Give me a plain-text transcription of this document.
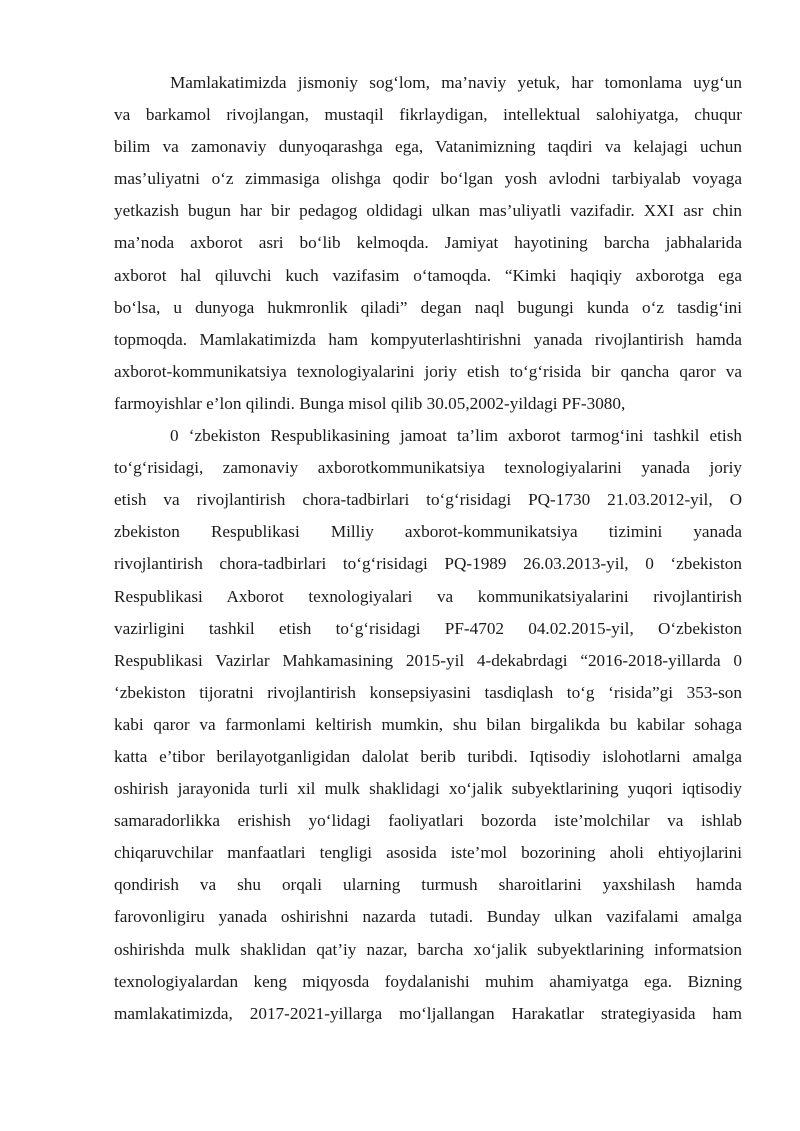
Mamlakatimizda jismoniy sog‘lom, ma’naviy yetuk, har tomonlama uyg‘un
va barkamol rivojlangan, mustaqil fikrlaydigan, intellektual salohiyatga, chuqur
bilim va zamonaviy dunyoqarashga ega, Vatanimizning taqdiri va kelajagi uchun
mas’uliyatni o‘z zimmasiga olishga qodir bo‘lgan yosh avlodni tarbiyalab voyaga
yetkazish bugun har bir pedagog oldidagi ulkan mas’uliyatli vazifadir. XXI asr chin
ma’noda axborot asri bo‘lib kelmoqda. Jamiyat hayotining barcha jabhalarida
axborot hal qiluvchi kuch vazifasim o‘tamoqda. “Kimki haqiqiy axborotga ega
bo‘lsa, u dunyoga hukmronlik qiladi” degan naql bugungi kunda o‘z tasdig‘ini
topmoqda. Mamlakatimizda ham kompyuterlashtirishni yanada rivojlantirish hamda
axborot-kommunikatsiya texnologiyalarini joriy etish to‘g‘risida bir qancha qaror va
farmoyishlar e’lon qilindi. Bunga misol qilib 30.05,2002-yildagi PF-3080,
0 ‘zbekiston Respublikasining jamoat ta’lim axborot tarmog‘ini tashkil etish
to‘g‘risidagi, zamonaviy axborotkommunikatsiya texnologiyalarini yanada joriy
etish va rivojlantirish chora-tadbirlari to‘g‘risidagi PQ-1730 21.03.2012-yil, O
zbekiston Respublikasi Milliy axborot-kommunikatsiya tizimini yanada
rivojlantirish chora-tadbirlari to‘g‘risidagi PQ-1989 26.03.2013-yil, 0 ‘zbekiston
Respublikasi Axborot texnologiyalari va kommunikatsiyalarini rivojlantirish
vazirligini tashkil etish to‘g‘risidagi PF-4702 04.02.2015-yil, O‘zbekiston
Respublikasi Vazirlar Mahkamasining 2015-yil 4-dekabrdagi “2016-2018-yillarda 0
‘zbekiston tijoratni rivojlantirish konsepsiyasini tasdiqlash to‘g ‘risida”gi 353-son
kabi qaror va farmonlami keltirish mumkin, shu bilan birgalikda bu kabilar sohaga
katta e’tibor berilayotganligidan dalolat berib turibdi. Iqtisodiy islohotlarni amalga
oshirish jarayonida turli xil mulk shaklidagi xo‘jalik subyektlarining yuqori iqtisodiy
samaradorlikka erishish yo‘lidagi faoliyatlari bozorda iste’molchilar va ishlab
chiqaruvchilar manfaatlari tengligi asosida iste’mol bozorining aholi ehtiyojlarini
qondirish va shu orqali ularning turmush sharoitlarini yaxshilash hamda
farovonligiru yanada oshirishni nazarda tutadi. Bunday ulkan vazifalami amalga
oshirishda mulk shaklidan qat’iy nazar, barcha xo‘jalik subyektlarining informatsion
texnologiyalardan keng miqyosda foydalanishi muhim ahamiyatga ega. Bizning
mamlakatimizda, 2017-2021-yillarga mo‘ljallangan Harakatlar strategiyasida ham
